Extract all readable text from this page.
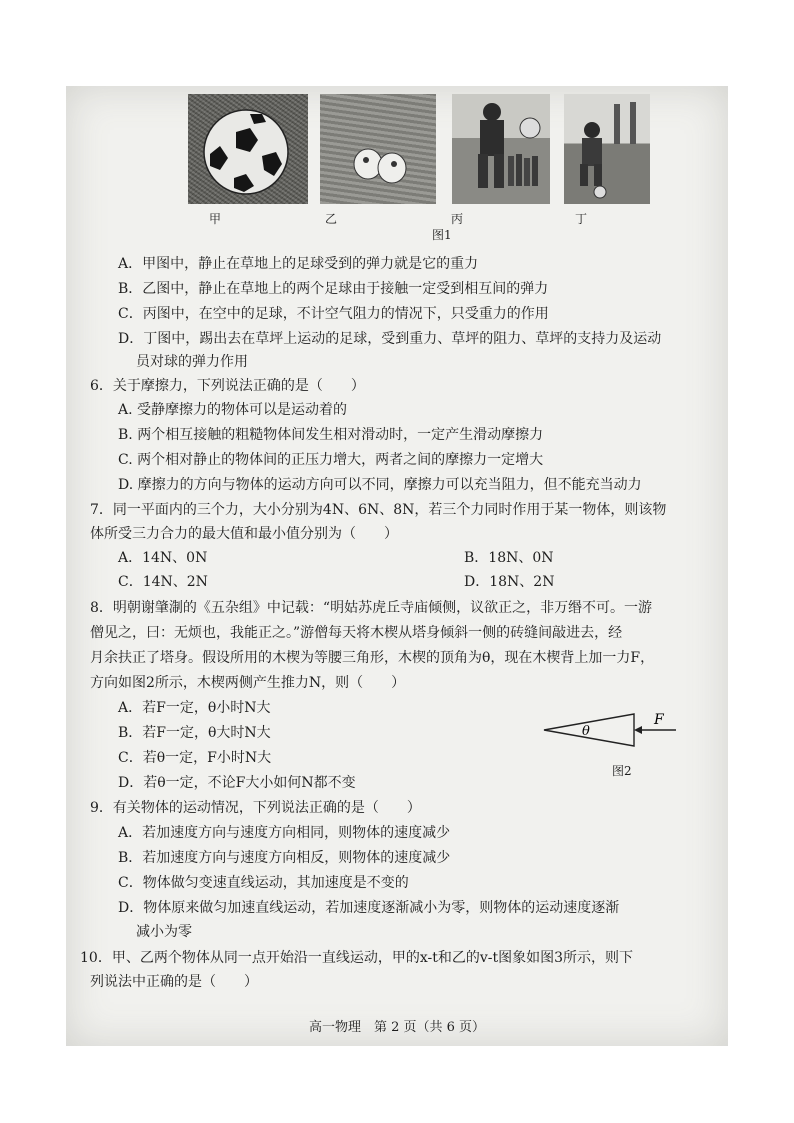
甲	乙	丙	丁
图1
A．甲图中，静止在草地上的足球受到的弹力就是它的重力
B．乙图中，静止在草地上的两个足球由于接触一定受到相互间的弹力
C．丙图中，在空中的足球，不计空气阻力的情况下，只受重力的作用
D．丁图中，踢出去在草坪上运动的足球，受到重力、草坪的阻力、草坪的支持力及运动
员对球的弹力作用
6．关于摩擦力，下列说法正确的是（　　）
A. 受静摩擦力的物体可以是运动着的
B. 两个相互接触的粗糙物体间发生相对滑动时，一定产生滑动摩擦力
C. 两个相对静止的物体间的正压力增大，两者之间的摩擦力一定增大
D. 摩擦力的方向与物体的运动方向可以不同，摩擦力可以充当阻力，但不能充当动力
7．同一平面内的三个力，大小分别为4N、6N、8N，若三个力同时作用于某一物体，则该物
体所受三力合力的最大值和最小值分别为（　　）
A．14N、0N	B．18N、0N
C．14N、2N	D．18N、2N
8．明朝谢肇淛的《五杂组》中记载：“明姑苏虎丘寺庙倾侧，议欲正之，非万缗不可。一游
僧见之，曰：无烦也，我能正之。”游僧每天将木楔从塔身倾斜一侧的砖缝间敲进去，经
月余扶正了塔身。假设所用的木楔为等腰三角形，木楔的顶角为θ，现在木楔背上加一力F，
方向如图2所示，木楔两侧产生推力N，则（　　）
A．若F一定，θ小时N大
B．若F一定，θ大时N大
C．若θ一定，F小时N大
D．若θ一定，不论F大小如何N都不变
θ
F
图2
9．有关物体的运动情况，下列说法正确的是（　　）
A．若加速度方向与速度方向相同，则物体的速度减少
B．若加速度方向与速度方向相反，则物体的速度减少
C．物体做匀变速直线运动，其加速度是不变的
D．物体原来做匀加速直线运动，若加速度逐渐减小为零，则物体的运动速度逐渐
减小为零
10．甲、乙两个物体从同一点开始沿一直线运动，甲的x-t和乙的v-t图象如图3所示，则下
列说法中正确的是（　　）
高一物理　第 2 页（共 6 页）
